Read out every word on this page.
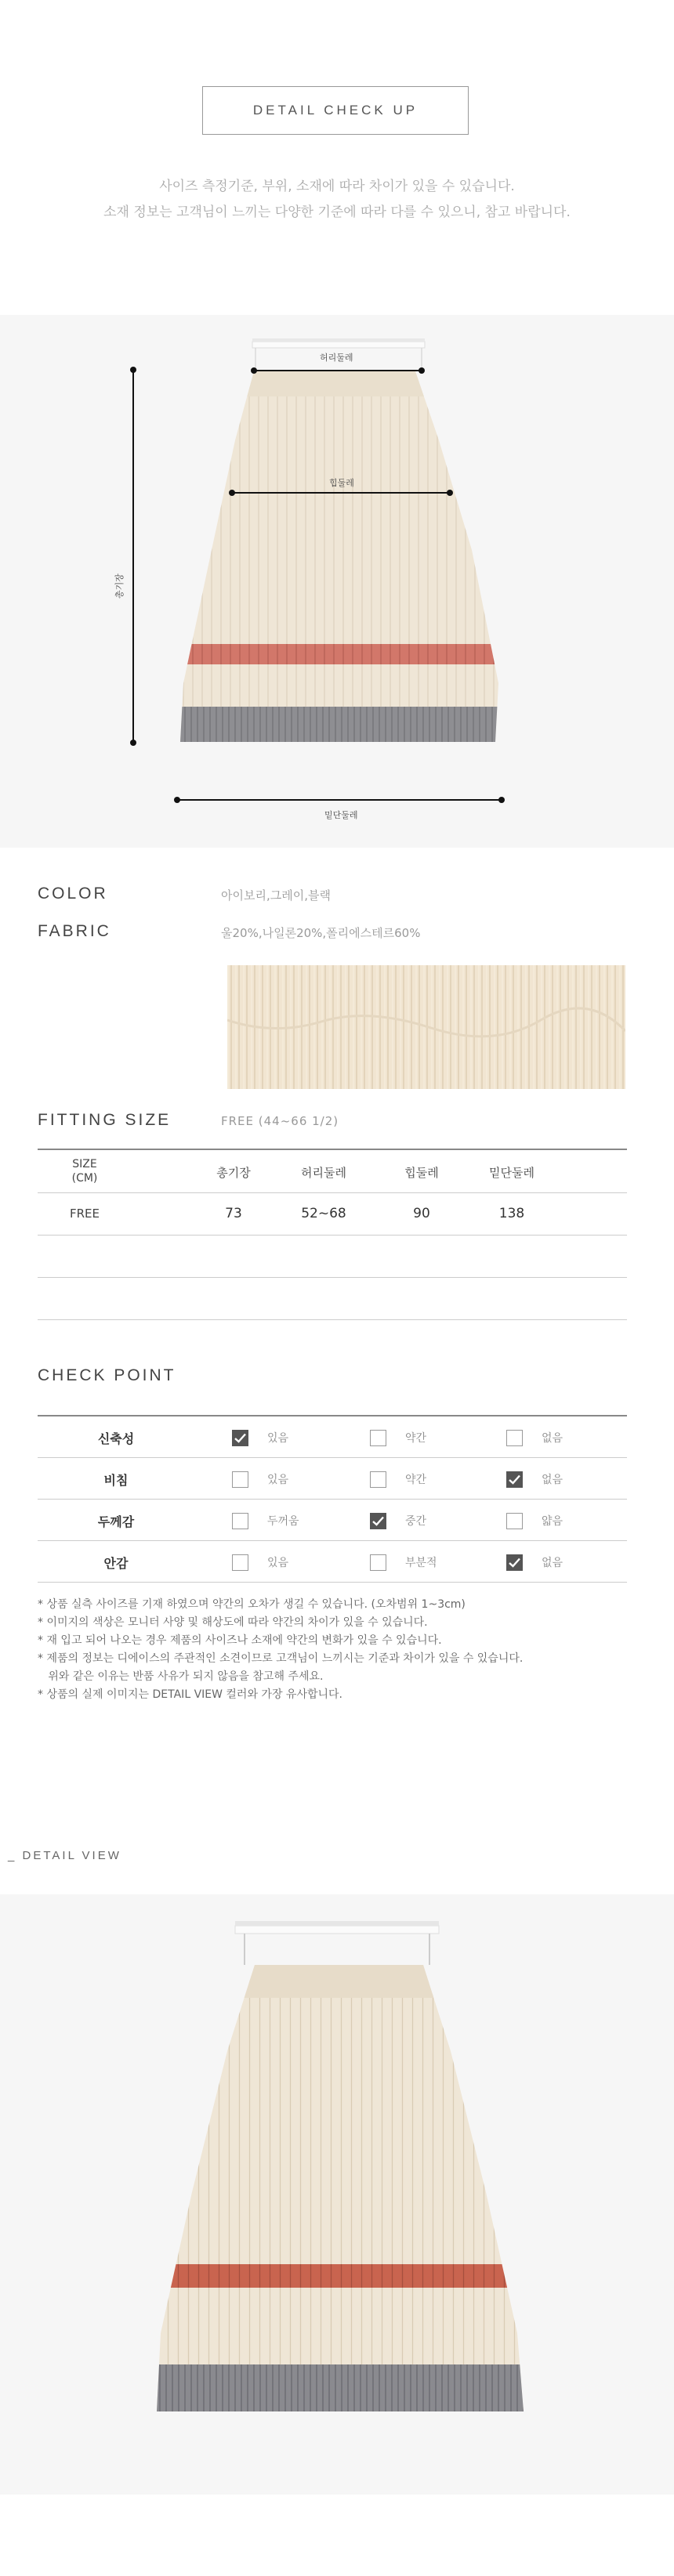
DETAIL CHECK UP
사이즈 측정기준, 부위, 소재에 따라 차이가 있을 수 있습니다.
소재 정보는 고객님이 느끼는 다양한 기준에 따라 다를 수 있으니, 참고 바랍니다.
허리둘레
힙둘레
총기장
밑단둘레
COLOR	아이보리,그레이,블랙
FABRIC	울20%,나일론20%,폴리에스테르60%
FITTING SIZE	FREE (44~66 1/2)
SIZE
(CM)	총기장	허리둘레	힙둘레	밑단둘레
FREE	73	52~68	90	138
CHECK POINT
신축성	있음	약간	없음
비침	있음	약간	없음
두께감	두꺼움	중간	얇음
안감	있음	부분적	없음
* 상품 실측 사이즈를 기재 하였으며 약간의 오차가 생길 수 있습니다. (오차범위 1~3cm)
* 이미지의 색상은 모니터 사양 및 해상도에 따라 약간의 차이가 있을 수 있습니다.
* 재 입고 되어 나오는 경우 제품의 사이즈나 소재에 약간의 변화가 있을 수 있습니다.
* 제품의 정보는 디에이스의 주관적인 소견이므로 고객님이 느끼시는 기준과 차이가 있을 수 있습니다.
위와 같은 이유는 반품 사유가 되지 않음을 참고해 주세요.
* 상품의 실제 이미지는 DETAIL VIEW 컬러와 가장 유사합니다.
_ DETAIL VIEW
